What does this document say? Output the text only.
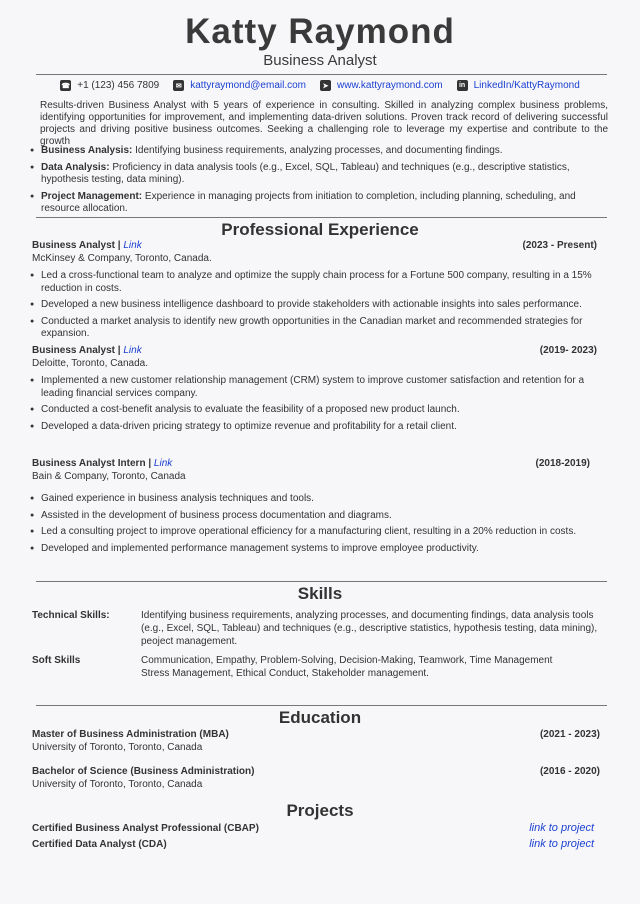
Katty Raymond
Business Analyst
☎ +1 (123) 456 7809	✉ kattyraymond@email.com	➤ www.kattyraymond.com	in LinkedIn/KattyRaymond
Results-driven Business Analyst with 5 years of experience in consulting. Skilled in analyzing complex business problems, identifying opportunities for improvement, and implementing data-driven solutions. Proven track record of delivering successful projects and driving positive business outcomes. Seeking a challenging role to leverage my expertise and contribute to the growth
● Business Analysis: Identifying business requirements, analyzing processes, and documenting findings.
● Data Analysis: Proficiency in data analysis tools (e.g., Excel, SQL, Tableau) and techniques (e.g., descriptive statistics, hypothesis testing, data mining).
● Project Management: Experience in managing projects from initiation to completion, including planning, scheduling, and resource allocation.
Professional Experience
Business Analyst | Link	(2023 - Present)
McKinsey & Company, Toronto, Canada.
● Led a cross-functional team to analyze and optimize the supply chain process for a Fortune 500 company, resulting in a 15% reduction in costs.
● Developed a new business intelligence dashboard to provide stakeholders with actionable insights into sales performance.
● Conducted a market analysis to identify new growth opportunities in the Canadian market and recommended strategies for expansion.
Business Analyst | Link	(2019- 2023)
Deloitte, Toronto, Canada.
● Implemented a new customer relationship management (CRM) system to improve customer satisfaction and retention for a leading financial services company.
● Conducted a cost-benefit analysis to evaluate the feasibility of a proposed new product launch.
● Developed a data-driven pricing strategy to optimize revenue and profitability for a retail client.
Business Analyst Intern | Link	(2018-2019)
Bain & Company, Toronto, Canada
● Gained experience in business analysis techniques and tools.
● Assisted in the development of business process documentation and diagrams.
● Led a consulting project to improve operational efficiency for a manufacturing client, resulting in a 20% reduction in costs.
● Developed and implemented performance management systems to improve employee productivity.
Skills
Technical Skills:	Identifying business requirements, analyzing processes, and documenting findings, data analysis tools (e.g., Excel, SQL, Tableau) and techniques (e.g., descriptive statistics, hypothesis testing, data mining), peoject management.
Soft Skills	Communication, Empathy, Problem-Solving, Decision-Making, Teamwork, Time Management Stress Management, Ethical Conduct, Stakeholder management.
Education
Master of Business Administration (MBA)	(2021 - 2023)
University of Toronto, Toronto, Canada
Bachelor of Science (Business Administration)	(2016 - 2020)
University of Toronto, Toronto, Canada
Projects
Certified Business Analyst Professional (CBAP)	link to project
Certified Data Analyst (CDA)	link to project
